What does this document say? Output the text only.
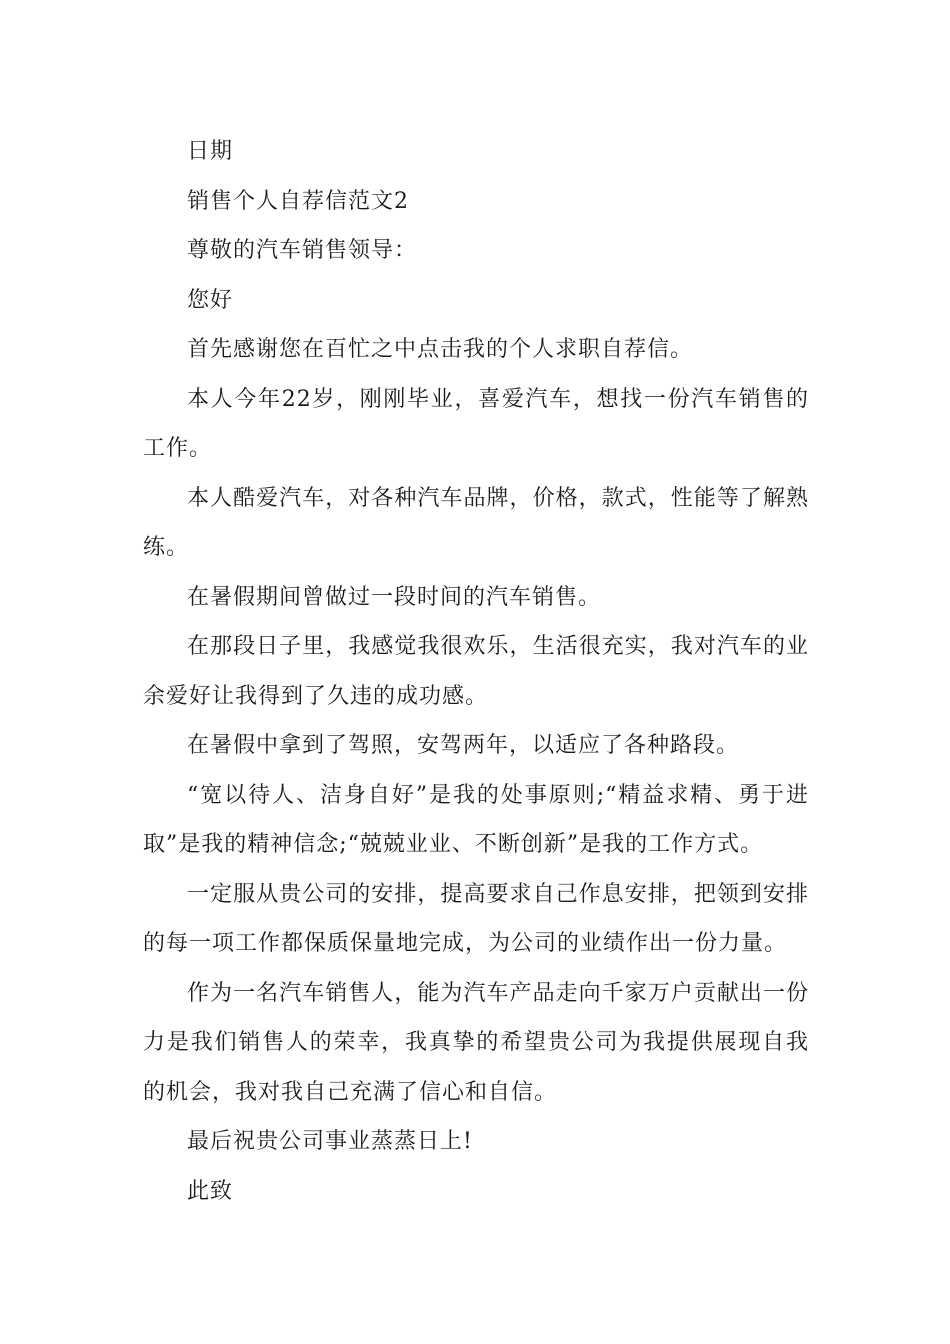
日期

销售个人自荐信范文2

尊敬的汽车销售领导：

您好

首先感谢您在百忙之中点击我的个人求职自荐信。

本人今年22岁，刚刚毕业，喜爱汽车，想找一份汽车销售的工作。

本人酷爱汽车，对各种汽车品牌，价格，款式，性能等了解熟练。

在暑假期间曾做过一段时间的汽车销售。

在那段日子里，我感觉我很欢乐，生活很充实，我对汽车的业余爱好让我得到了久违的成功感。

在暑假中拿到了驾照，安驾两年，以适应了各种路段。

“宽以待人、洁身自好”是我的处事原则;“精益求精、勇于进取”是我的精神信念;“兢兢业业、不断创新”是我的工作方式。

一定服从贵公司的安排，提高要求自己作息安排，把领到安排的每一项工作都保质保量地完成，为公司的业绩作出一份力量。

作为一名汽车销售人，能为汽车产品走向千家万户贡献出一份力是我们销售人的荣幸，我真挚的希望贵公司为我提供展现自我的机会，我对我自己充满了信心和自信。

最后祝贵公司事业蒸蒸日上!

此致
